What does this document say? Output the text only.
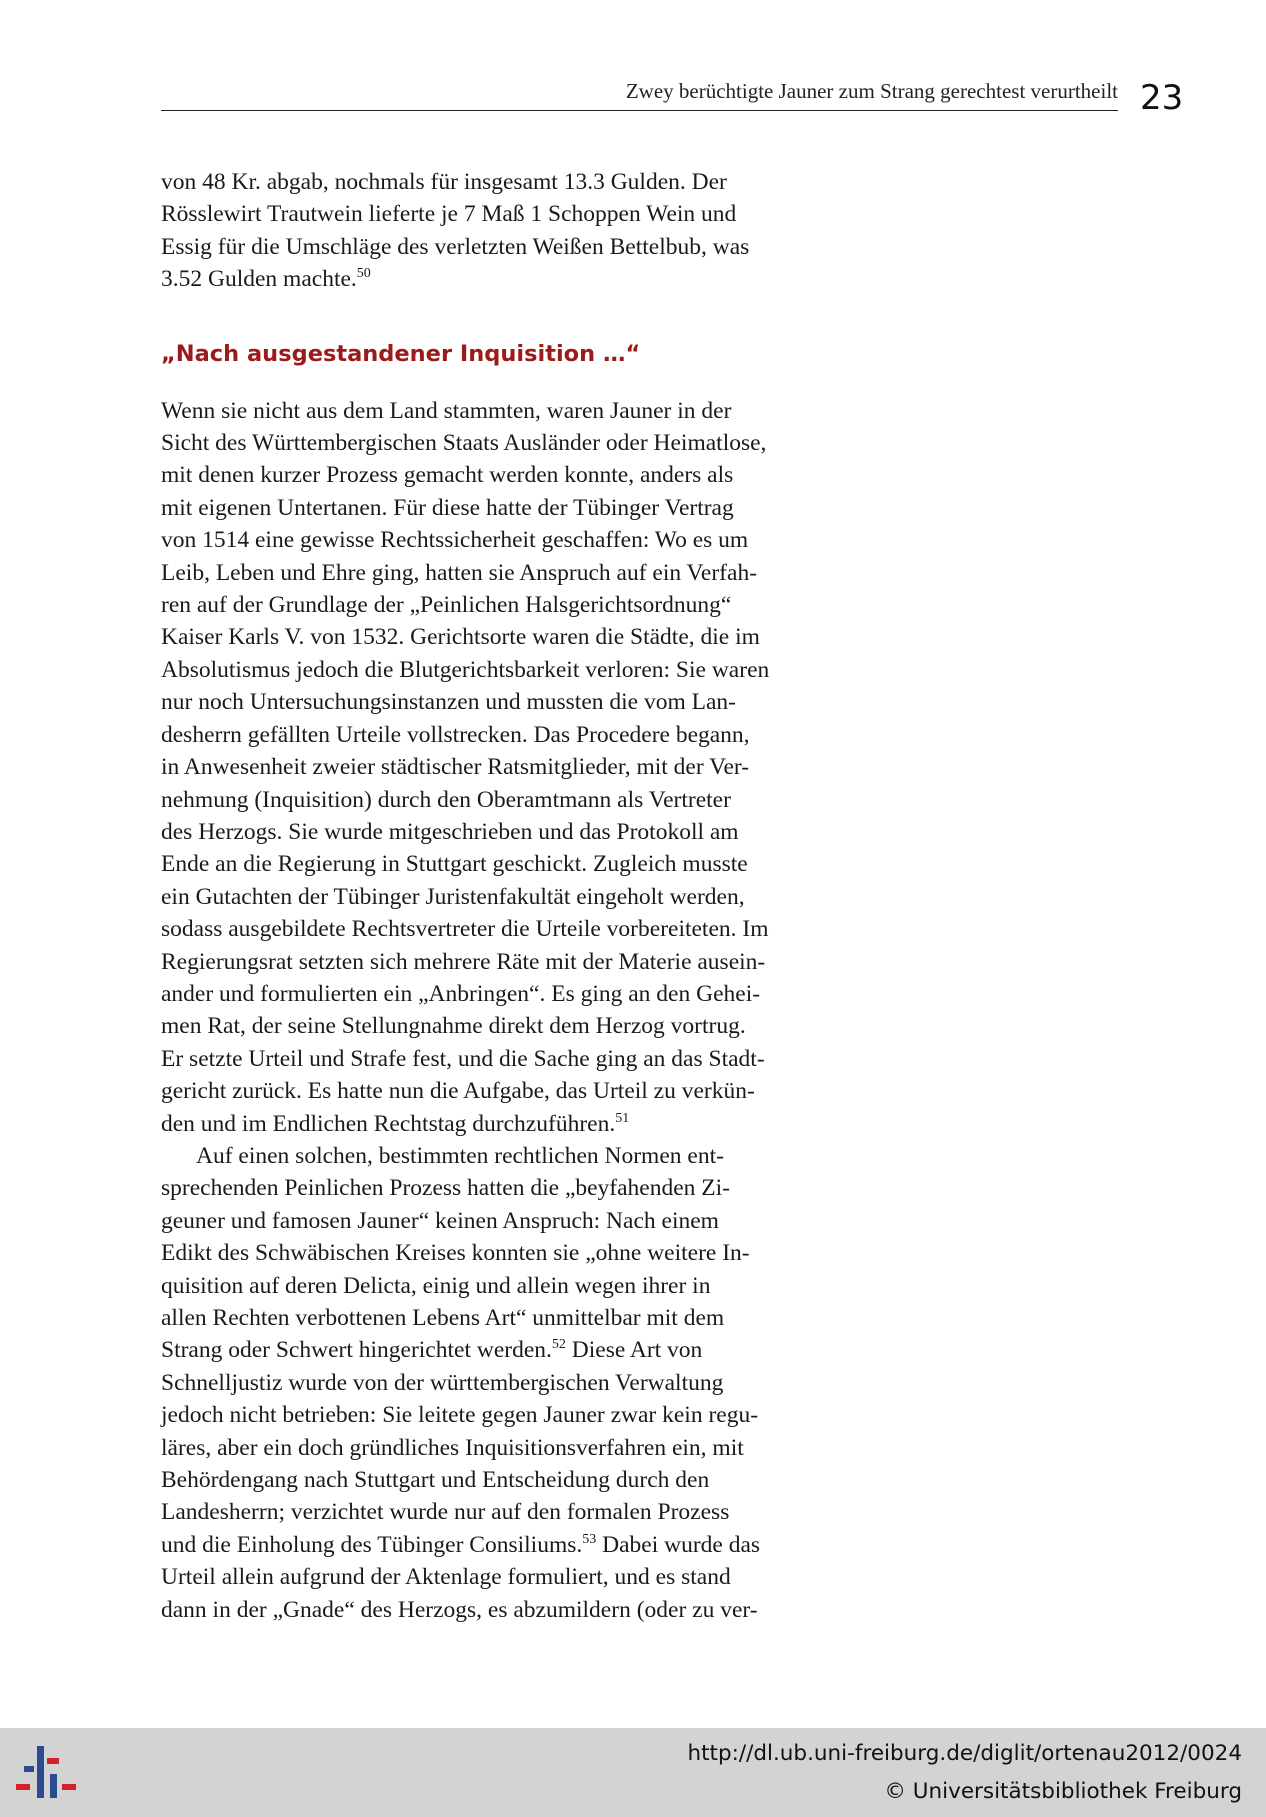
Zwey berüchtigte Jauner zum Strang gerechtest verurtheilt 23

von 48 Kr. abgab, nochmals für insgesamt 13.3 Gulden. Der
Rösslewirt Trautwein lieferte je 7 Maß 1 Schoppen Wein und
Essig für die Umschläge des verletzten Weißen Bettelbub, was
3.52 Gulden machte.$^{50}$

„Nach ausgestandener Inquisition …“

Wenn sie nicht aus dem Land stammten, waren Jauner in der
Sicht des Württembergischen Staats Ausländer oder Heimatlose,
mit denen kurzer Prozess gemacht werden konnte, anders als
mit eigenen Untertanen. Für diese hatte der Tübinger Vertrag
von 1514 eine gewisse Rechtssicherheit geschaffen: Wo es um
Leib, Leben und Ehre ging, hatten sie Anspruch auf ein Verfah-
ren auf der Grundlage der „Peinlichen Halsgerichtsordnung“
Kaiser Karls V. von 1532. Gerichtsorte waren die Städte, die im
Absolutismus jedoch die Blutgerichtsbarkeit verloren: Sie waren
nur noch Untersuchungsinstanzen und mussten die vom Lan-
desherrn gefällten Urteile vollstrecken. Das Procedere begann,
in Anwesenheit zweier städtischer Ratsmitglieder, mit der Ver-
nehmung (Inquisition) durch den Oberamtmann als Vertreter
des Herzogs. Sie wurde mitgeschrieben und das Protokoll am
Ende an die Regierung in Stuttgart geschickt. Zugleich musste
ein Gutachten der Tübinger Juristenfakultät eingeholt werden,
sodass ausgebildete Rechtsvertreter die Urteile vorbereiteten. Im
Regierungsrat setzten sich mehrere Räte mit der Materie ausein-
ander und formulierten ein „Anbringen“. Es ging an den Gehei-
men Rat, der seine Stellungnahme direkt dem Herzog vortrug.
Er setzte Urteil und Strafe fest, und die Sache ging an das Stadt-
gericht zurück. Es hatte nun die Aufgabe, das Urteil zu verkün-
den und im Endlichen Rechtstag durchzuführen.$^{51}$

Auf einen solchen, bestimmten rechtlichen Normen ent-
sprechenden Peinlichen Prozess hatten die „beyfahenden Zi-
geuner und famosen Jauner“ keinen Anspruch: Nach einem
Edikt des Schwäbischen Kreises konnten sie „ohne weitere In-
quisition auf deren Delicta, einig und allein wegen ihrer in
allen Rechten verbottenen Lebens Art“ unmittelbar mit dem
Strang oder Schwert hingerichtet werden.$^{52}$ Diese Art von
Schnelljustiz wurde von der württembergischen Verwaltung
jedoch nicht betrieben: Sie leitete gegen Jauner zwar kein regu-
läres, aber ein doch gründliches Inquisitionsverfahren ein, mit
Behördengang nach Stuttgart und Entscheidung durch den
Landesherrn; verzichtet wurde nur auf den formalen Prozess
und die Einholung des Tübinger Consiliums.$^{53}$ Dabei wurde das
Urteil allein aufgrund der Aktenlage formuliert, und es stand
dann in der „Gnade“ des Herzogs, es abzumildern (oder zu ver-

http://dl.ub.uni-freiburg.de/diglit/ortenau2012/0024
© Universitätsbibliothek Freiburg
